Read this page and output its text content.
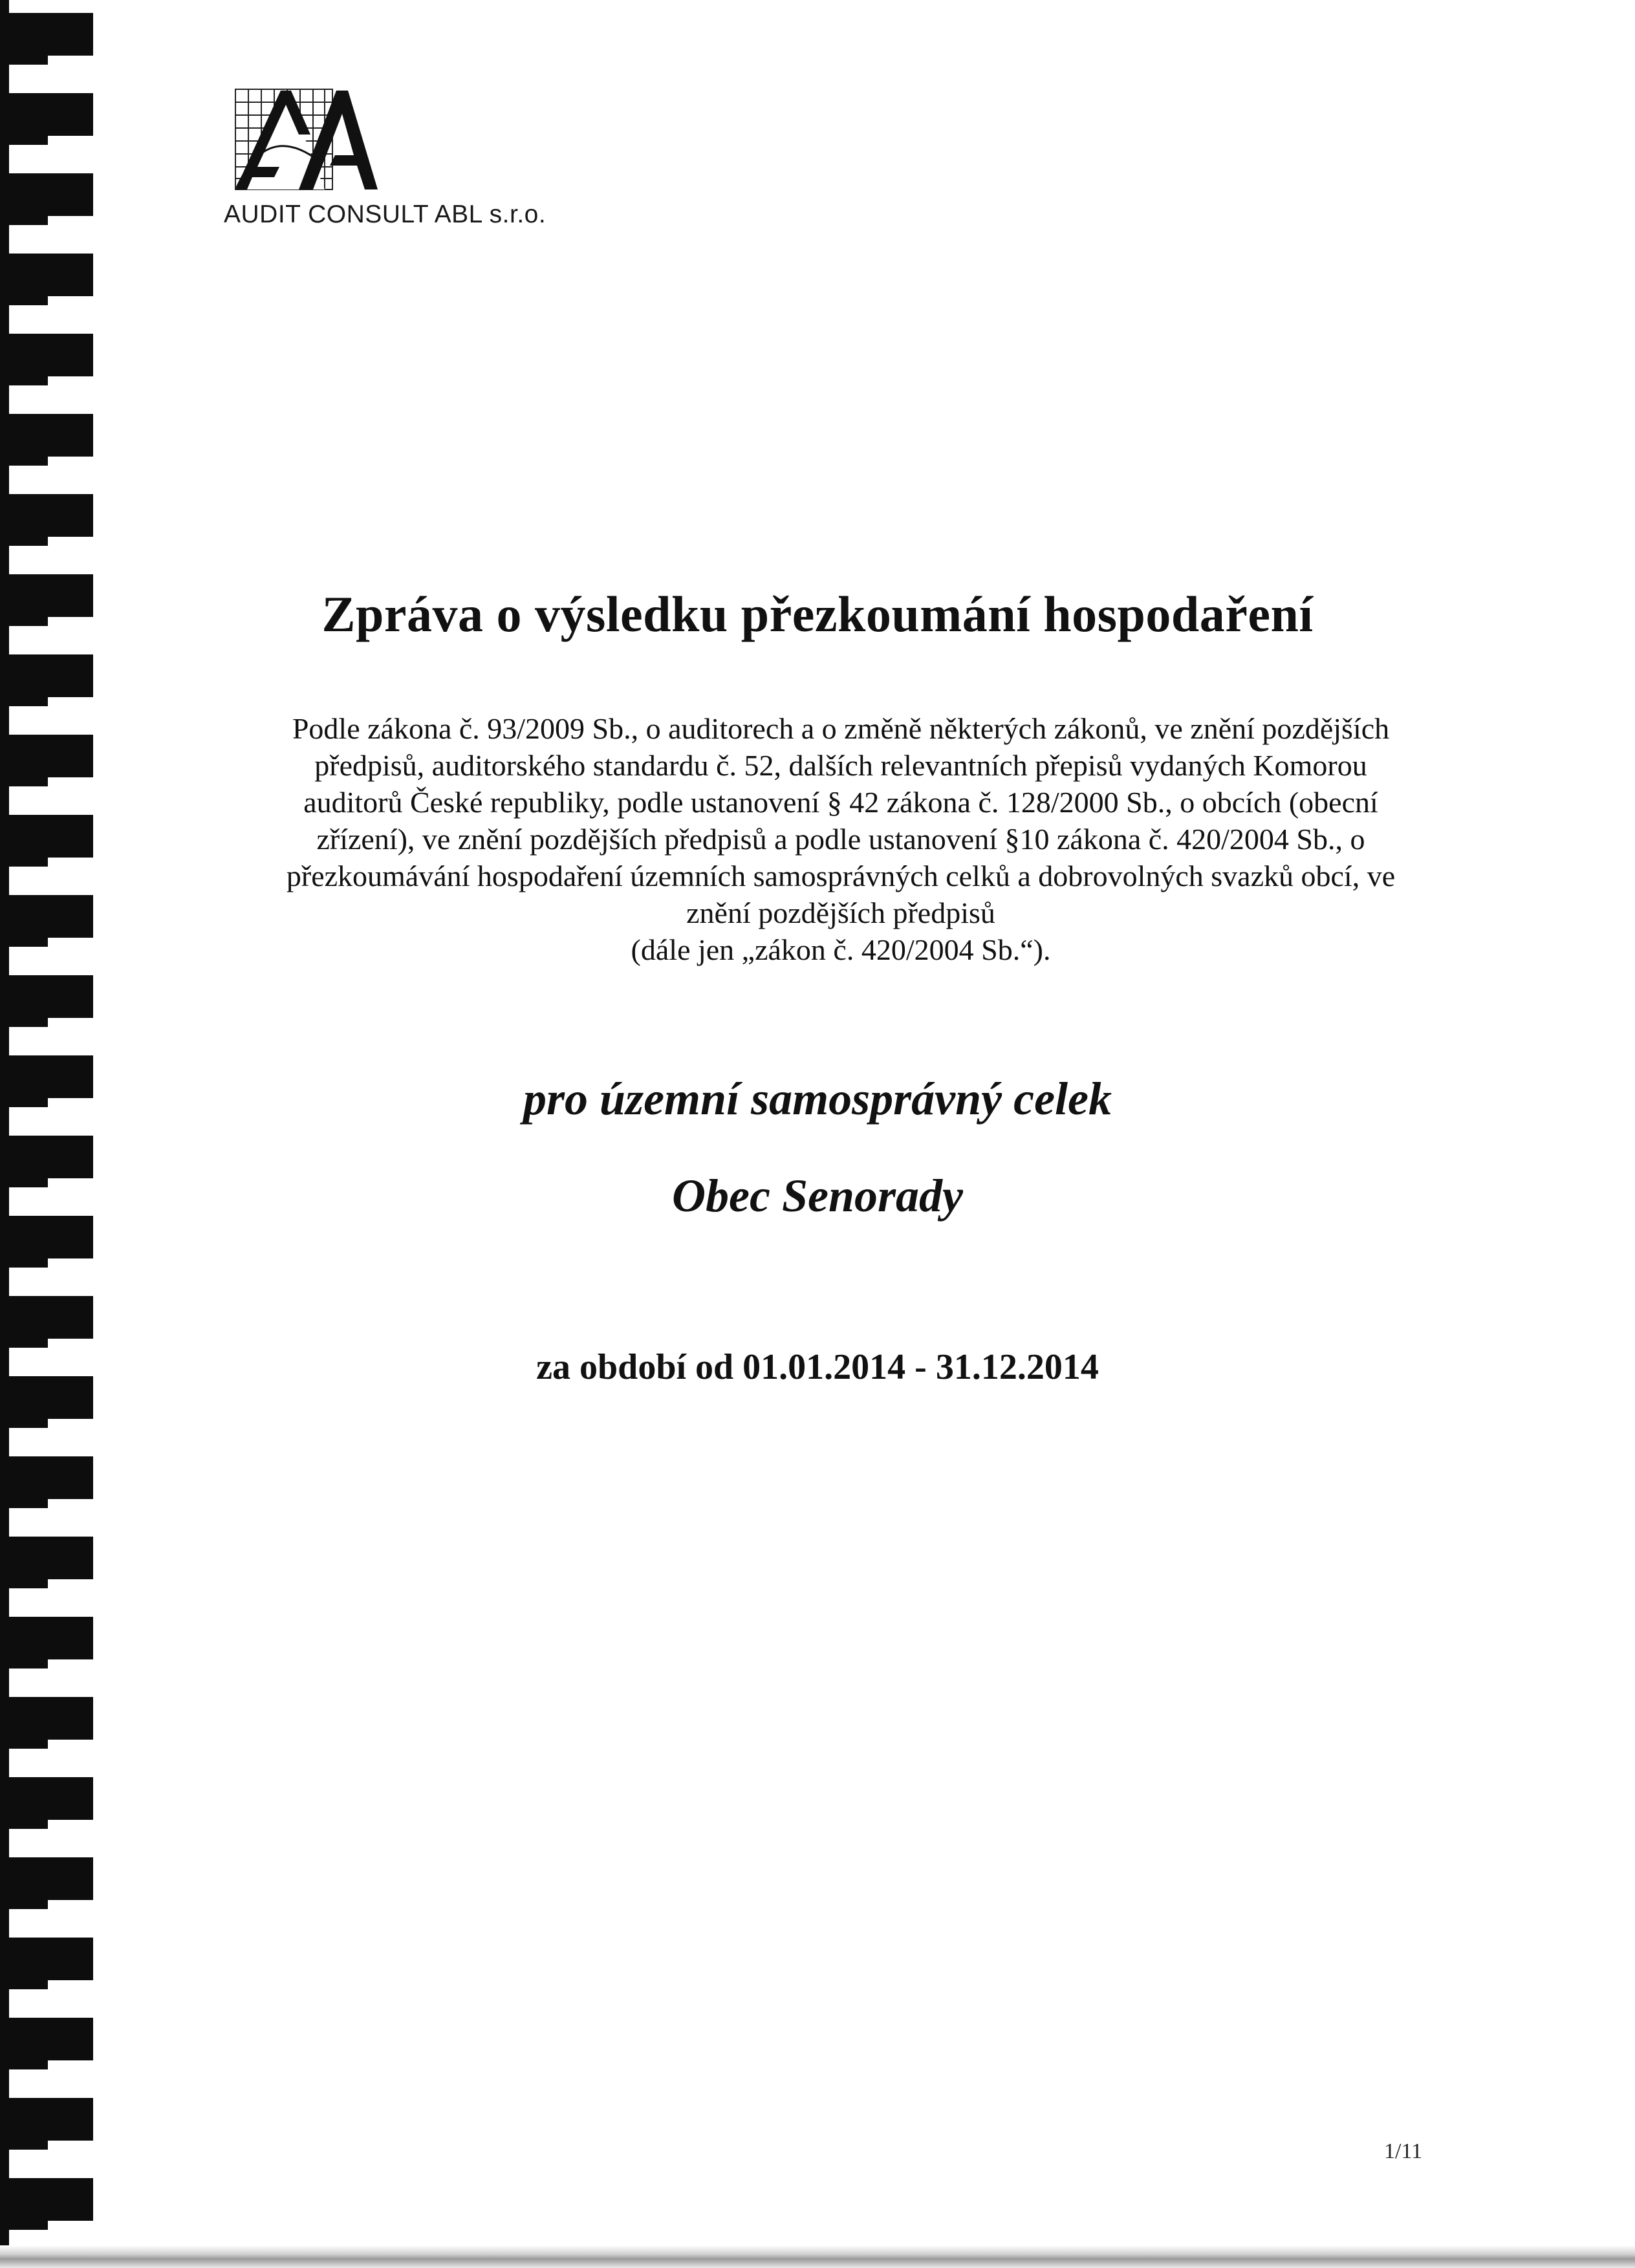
AUDIT CONSULT ABL s.r.o.
Zpráva o výsledku přezkoumání hospodaření
Podle zákona č. 93/2009 Sb., o auditorech a o změně některých zákonů, ve znění pozdějších
předpisů, auditorského standardu č. 52, dalších relevantních přepisů vydaných Komorou
auditorů České republiky, podle ustanovení § 42 zákona č. 128/2000 Sb., o obcích (obecní
zřízení), ve znění pozdějších předpisů a podle ustanovení §10 zákona č. 420/2004 Sb., o
přezkoumávání hospodaření územních samosprávných celků a dobrovolných svazků obcí, ve
znění pozdějších předpisů
(dále jen „zákon č. 420/2004 Sb.“).
pro územní samosprávný celek
Obec Senorady
za období od 01.01.2014 - 31.12.2014
1/11
